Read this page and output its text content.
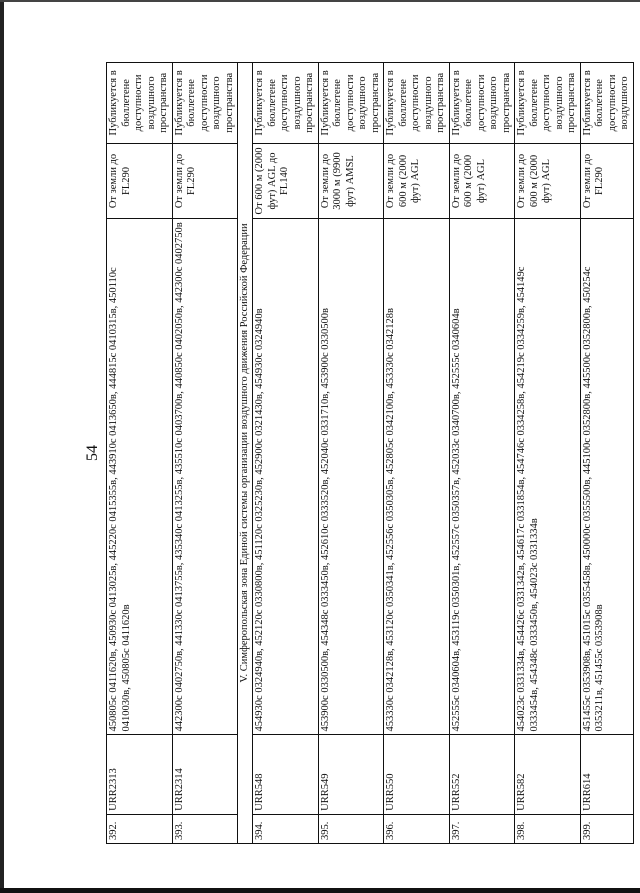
54
392.	URR2313	450805с 0411620в, 450930с 0413025в, 445220с 0415355в, 443910с 0413650в, 444815с 0410315в, 450110с 0410030в, 450805с 0411620в	От земли до FL290	Публикуется в бюллетене доступности воздушного пространства
393.	URR2314	442300с 0402750в, 441330с 0413755в, 435340с 0413255в, 435510с 0403700в, 440850с 0402050в, 442300с 0402750в	От земли до FL290	Публикуется в бюллетене доступности воздушного пространства
V. Симферопольская зона Единой системы организации воздушного движения Российской Федерации				
394.	URR548	454930с 0324940в, 452120с 0330800в, 451120с 0325230в, 452900с 0321430в, 454930с 0324940в	От 600 м (2000 фут) AGL до FL140	Публикуется в бюллетене доступности воздушного пространства
395.	URR549	453900с 0330500в, 454348с 0333450в, 452610с 0333520в, 452040с 0331710в, 453900с 0330500в	От земли до 3000 м (9900 фут) AMSL	Публикуется в бюллетене доступности воздушного пространства
396.	URR550	453330с 0342128в, 453120с 0350341в, 452556с 0350305в, 452805с 0342100в, 453330с 0342128в	От земли до 600 м (2000 фут) AGL	Публикуется в бюллетене доступности воздушного пространства
397.	URR552	452555с 0340604в, 453119с 0350301в, 452557с 0350357в, 452033с 0340700в, 452555с 0340604в	От земли до 600 м (2000 фут) AGL	Публикуется в бюллетене доступности воздушного пространства
398.	URR582	454023с 0331334в, 454426с 0331342в, 454617с 0331854в, 454746с 0334258в, 454219с 0334259в, 454149с 0333454в, 454348с 0333450в, 454023с 0331334в	От земли до 600 м (2000 фут) AGL	Публикуется в бюллетене доступности воздушного пространства
399.	URR614	451455с 0353908в, 451015с 0355458в, 450000с 0355500в, 445100с 0352800в, 445500с 0352800в, 450254с 0353211в, 451455с 0353908в	От земли до FL290	Публикуется в бюллетене доступности воздушного
